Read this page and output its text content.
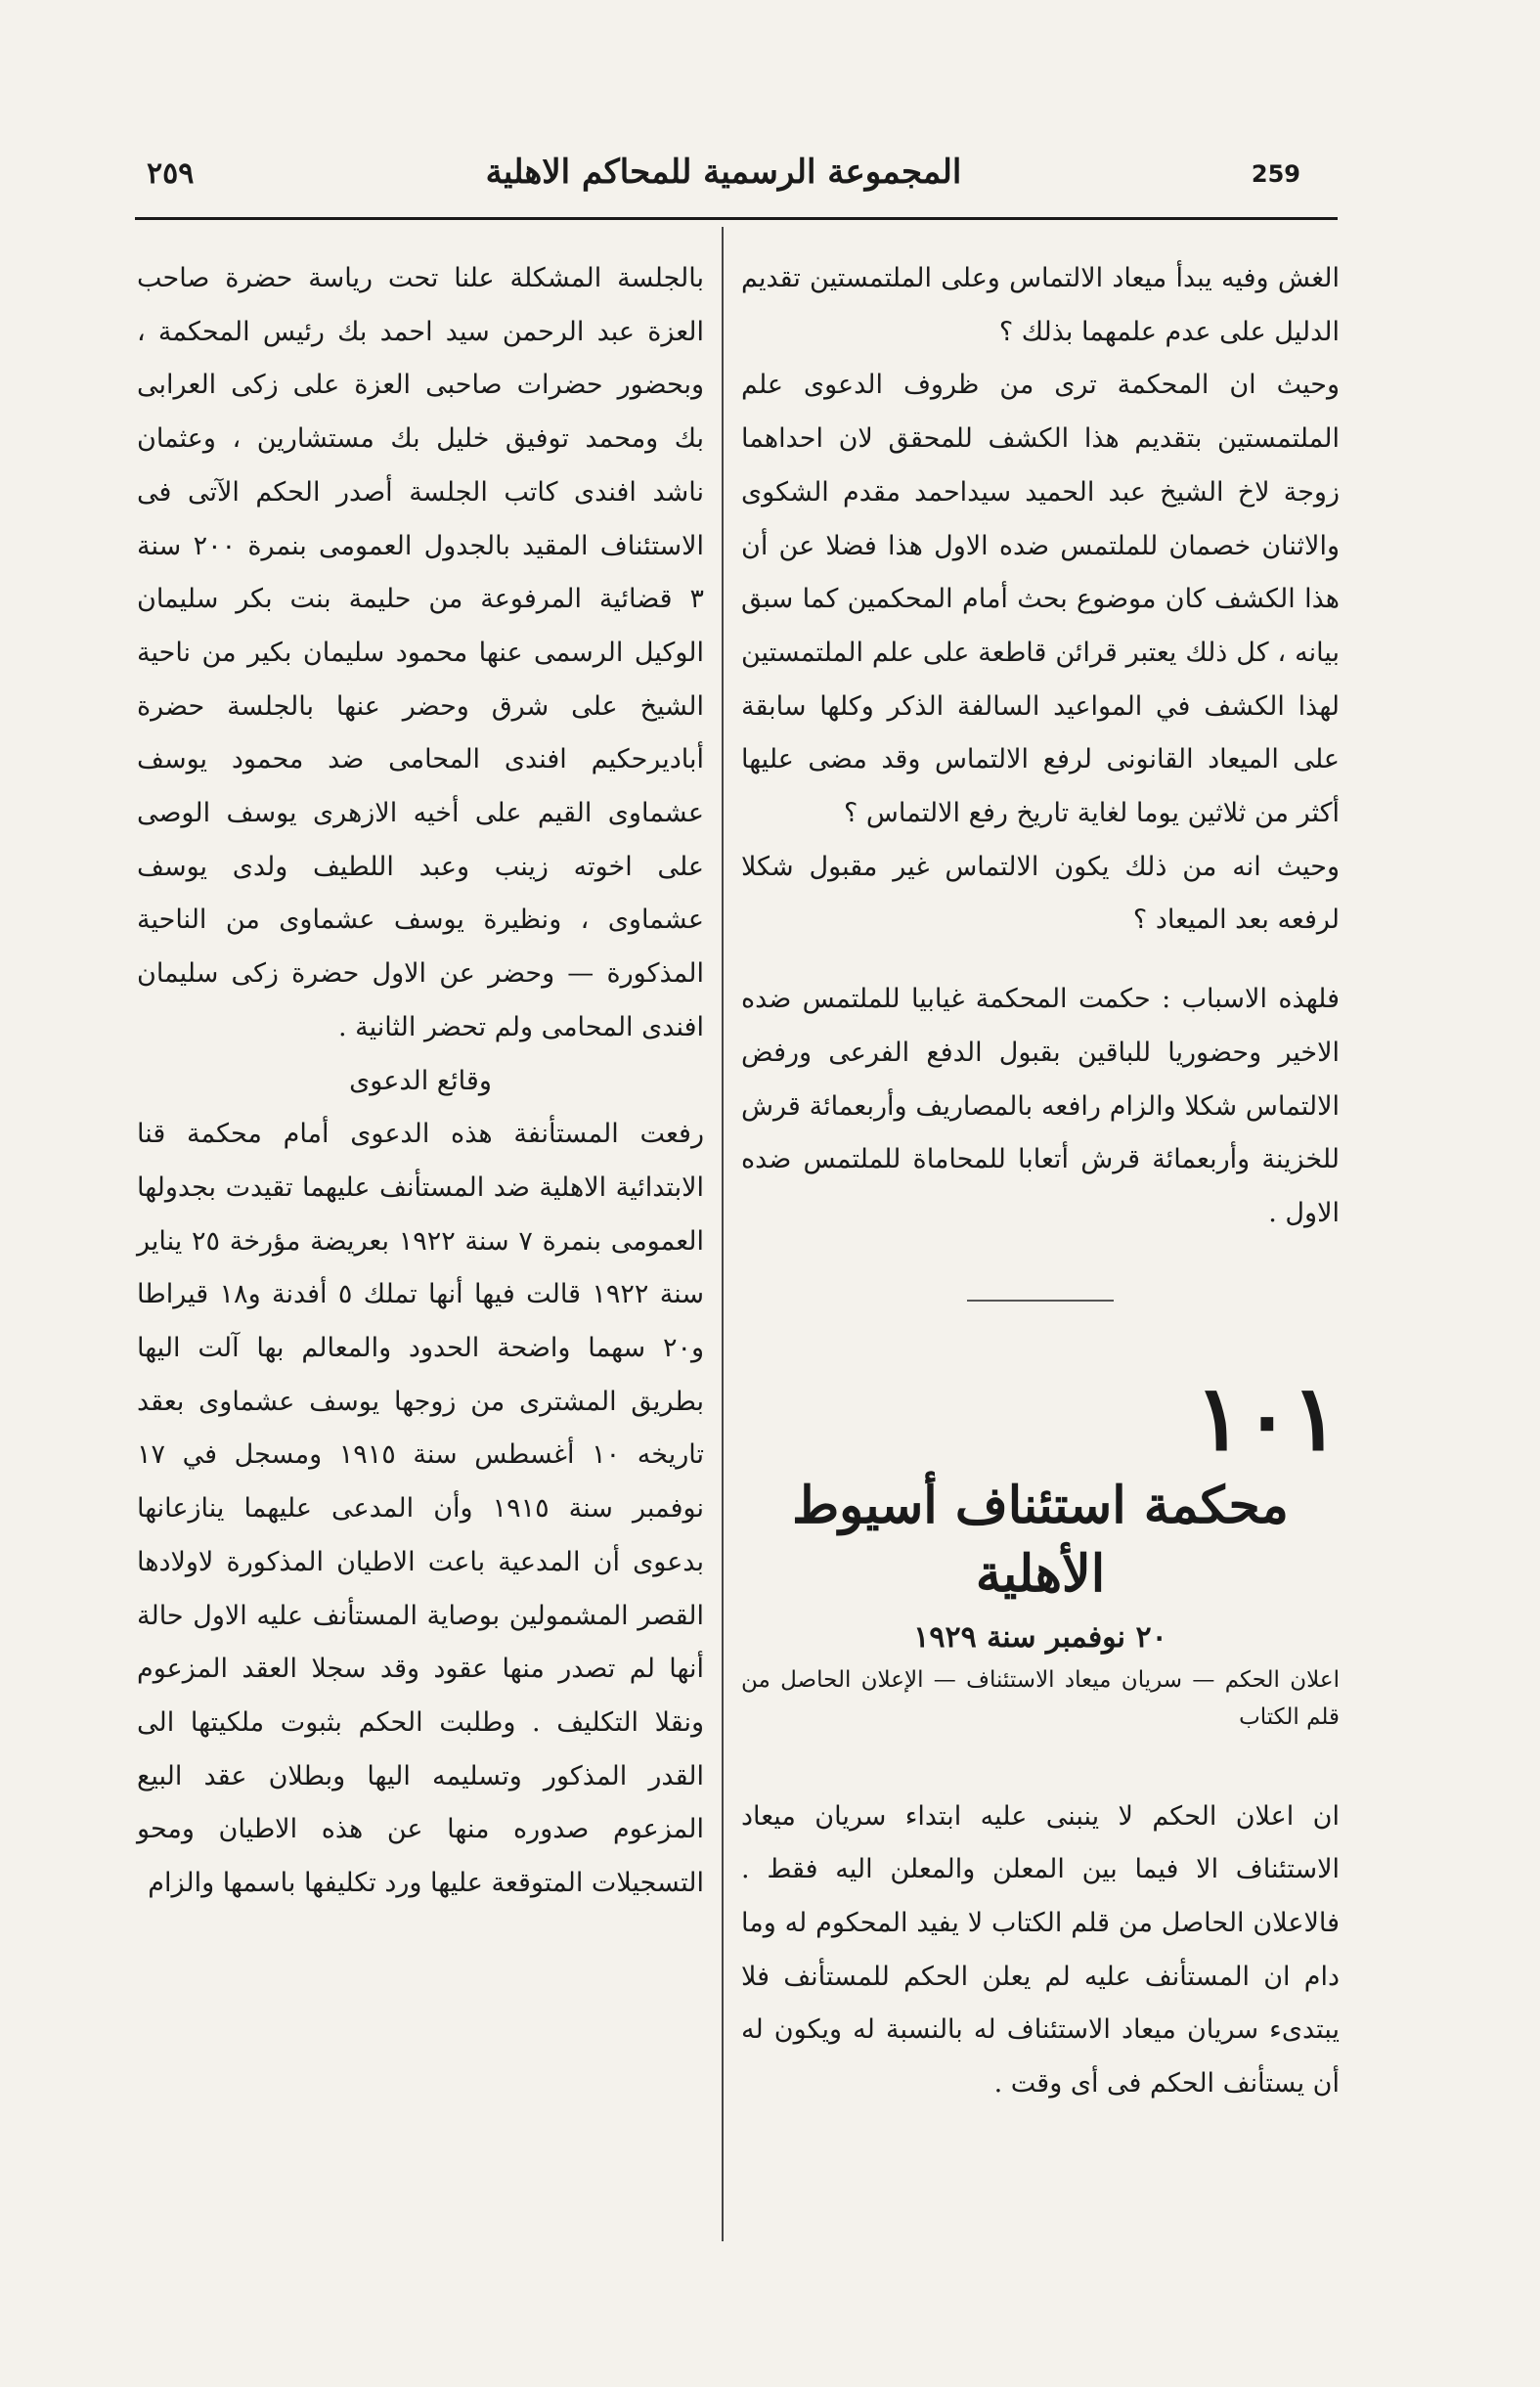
٢٥٩	المجموعة الرسمية للمحاكم الاهلية	259

الغش وفيه يبدأ ميعاد الالتماس وعلى الملتمستين تقديم الدليل على عدم علمهما بذلك ؟

وحيث ان المحكمة ترى من ظروف الدعوى علم الملتمستين بتقديم هذا الكشف للمحقق لان احداهما زوجة لاخ الشيخ عبد الحميد سيداحمد مقدم الشكوى والاثنان خصمان للملتمس ضده الاول هذا فضلا عن أن هذا الكشف كان موضوع بحث أمام المحكمين كما سبق بيانه ، كل ذلك يعتبر قرائن قاطعة على علم الملتمستين لهذا الكشف في المواعيد السالفة الذكر وكلها سابقة على الميعاد القانونى لرفع الالتماس وقد مضى عليها أكثر من ثلاثين يوما لغاية تاريخ رفع الالتماس ؟

وحيث انه من ذلك يكون الالتماس غير مقبول شكلا لرفعه بعد الميعاد ؟

فلهذه الاسباب : حكمت المحكمة غيابيا للملتمس ضده الاخير وحضوريا للباقين بقبول الدفع الفرعى ورفض الالتماس شكلا والزام رافعه بالمصاريف وأربعمائة قرش للخزينة وأربعمائة قرش أتعابا للمحاماة للملتمس ضده الاول .

١٠١
محكمة استئناف أسيوط الأهلية
٢٠ نوفمبر سنة ١٩٢٩

اعلان الحكم — سريان ميعاد الاستئناف — الإعلان الحاصل من قلم الكتاب

ان اعلان الحكم لا ينبنى عليه ابتداء سريان ميعاد الاستئناف الا فيما بين المعلن والمعلن اليه فقط . فالاعلان الحاصل من قلم الكتاب لا يفيد المحكوم له وما دام ان المستأنف عليه لم يعلن الحكم للمستأنف فلا يبتدىء سريان ميعاد الاستئناف له بالنسبة له ويكون له أن يستأنف الحكم فى أى وقت .

بالجلسة المشكلة علنا تحت رياسة حضرة صاحب العزة عبد الرحمن سيد احمد بك رئيس المحكمة ، وبحضور حضرات صاحبى العزة على زكى العرابى بك ومحمد توفيق خليل بك مستشارين ، وعثمان ناشد افندى كاتب الجلسة أصدر الحكم الآتى فى الاستئناف المقيد بالجدول العمومى بنمرة ٢٠٠ سنة ٣ قضائية المرفوعة من حليمة بنت بكر سليمان الوكيل الرسمى عنها محمود سليمان بكير من ناحية الشيخ على شرق وحضر عنها بالجلسة حضرة أباديرحكيم افندى المحامى ضد محمود يوسف عشماوى القيم على أخيه الازهرى يوسف الوصى على اخوته زينب وعبد اللطيف ولدى يوسف عشماوى ، ونظيرة يوسف عشماوى من الناحية المذكورة — وحضر عن الاول حضرة زكى سليمان افندى المحامى ولم تحضر الثانية .

وقائع الدعوى

رفعت المستأنفة هذه الدعوى أمام محكمة قنا الابتدائية الاهلية ضد المستأنف عليهما تقيدت بجدولها العمومى بنمرة ٧ سنة ١٩٢٢ بعريضة مؤرخة ٢٥ يناير سنة ١٩٢٢ قالت فيها أنها تملك ٥ أفدنة و١٨ قيراطا و٢٠ سهما واضحة الحدود والمعالم بها آلت اليها بطريق المشترى من زوجها يوسف عشماوى بعقد تاريخه ١٠ أغسطس سنة ١٩١٥ ومسجل في ١٧ نوفمبر سنة ١٩١٥ وأن المدعى عليهما ينازعانها بدعوى أن المدعية باعت الاطيان المذكورة لاولادها القصر المشمولين بوصاية المستأنف عليه الاول حالة أنها لم تصدر منها عقود وقد سجلا العقد المزعوم ونقلا التكليف . وطلبت الحكم بثبوت ملكيتها الى القدر المذكور وتسليمه اليها وبطلان عقد البيع المزعوم صدوره منها عن هذه الاطيان ومحو التسجيلات المتوقعة عليها ورد تكليفها باسمها والزام
